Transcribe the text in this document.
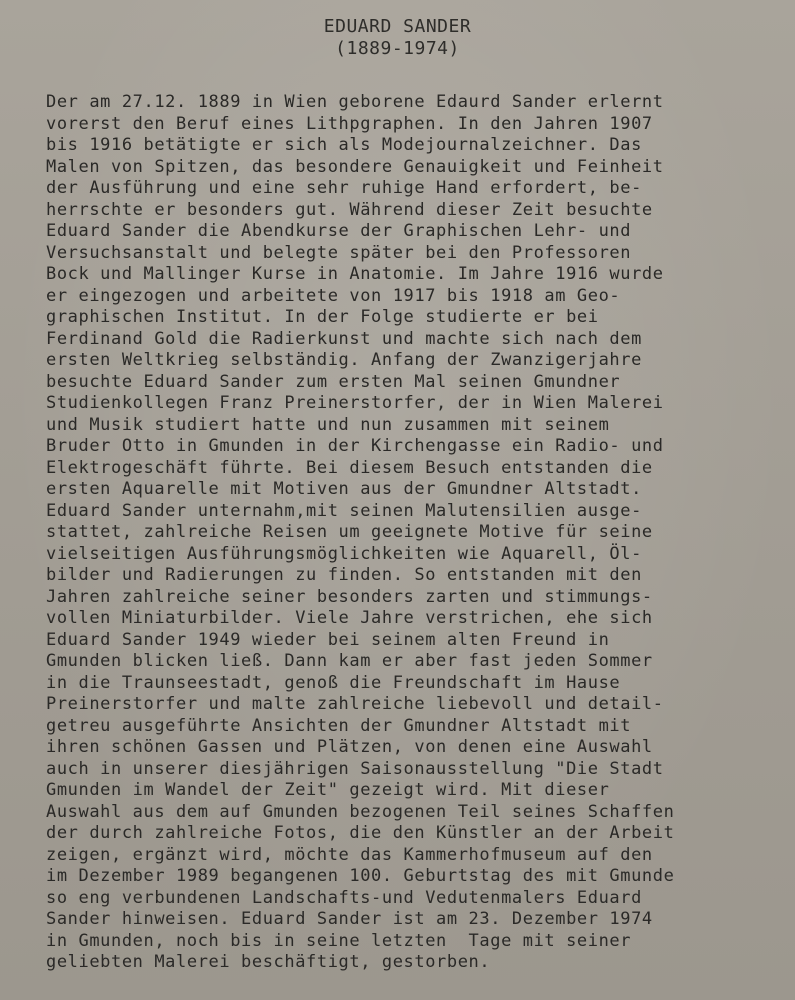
EDUARD SANDER
(1889-1974)
Der am 27.12. 1889 in Wien geborene Edaurd Sander erlernt
vorerst den Beruf eines Lithpgraphen. In den Jahren 1907
bis 1916 betätigte er sich als Modejournalzeichner. Das
Malen von Spitzen, das besondere Genauigkeit und Feinheit
der Ausführung und eine sehr ruhige Hand erfordert, be-
herrschte er besonders gut. Während dieser Zeit besuchte
Eduard Sander die Abendkurse der Graphischen Lehr- und
Versuchsanstalt und belegte später bei den Professoren
Bock und Mallinger Kurse in Anatomie. Im Jahre 1916 wurde
er eingezogen und arbeitete von 1917 bis 1918 am Geo-
graphischen Institut. In der Folge studierte er bei
Ferdinand Gold die Radierkunst und machte sich nach dem
ersten Weltkrieg selbständig. Anfang der Zwanzigerjahre
besuchte Eduard Sander zum ersten Mal seinen Gmundner
Studienkollegen Franz Preinerstorfer, der in Wien Malerei
und Musik studiert hatte und nun zusammen mit seinem
Bruder Otto in Gmunden in der Kirchengasse ein Radio- und
Elektrogeschäft führte. Bei diesem Besuch entstanden die
ersten Aquarelle mit Motiven aus der Gmundner Altstadt.
Eduard Sander unternahm,mit seinen Malutensilien ausge-
stattet, zahlreiche Reisen um geeignete Motive für seine
vielseitigen Ausführungsmöglichkeiten wie Aquarell, Öl-
bilder und Radierungen zu finden. So entstanden mit den
Jahren zahlreiche seiner besonders zarten und stimmungs-
vollen Miniaturbilder. Viele Jahre verstrichen, ehe sich
Eduard Sander 1949 wieder bei seinem alten Freund in
Gmunden blicken ließ. Dann kam er aber fast jeden Sommer
in die Traunseestadt, genoß die Freundschaft im Hause
Preinerstorfer und malte zahlreiche liebevoll und detail-
getreu ausgeführte Ansichten der Gmundner Altstadt mit
ihren schönen Gassen und Plätzen, von denen eine Auswahl
auch in unserer diesjährigen Saisonausstellung "Die Stadt
Gmunden im Wandel der Zeit" gezeigt wird. Mit dieser
Auswahl aus dem auf Gmunden bezogenen Teil seines Schaffen
der durch zahlreiche Fotos, die den Künstler an der Arbeit
zeigen, ergänzt wird, möchte das Kammerhofmuseum auf den
im Dezember 1989 begangenen 100. Geburtstag des mit Gmunde
so eng verbundenen Landschafts-und Vedutenmalers Eduard
Sander hinweisen. Eduard Sander ist am 23. Dezember 1974
in Gmunden, noch bis in seine letzten  Tage mit seiner
geliebten Malerei beschäftigt, gestorben.
